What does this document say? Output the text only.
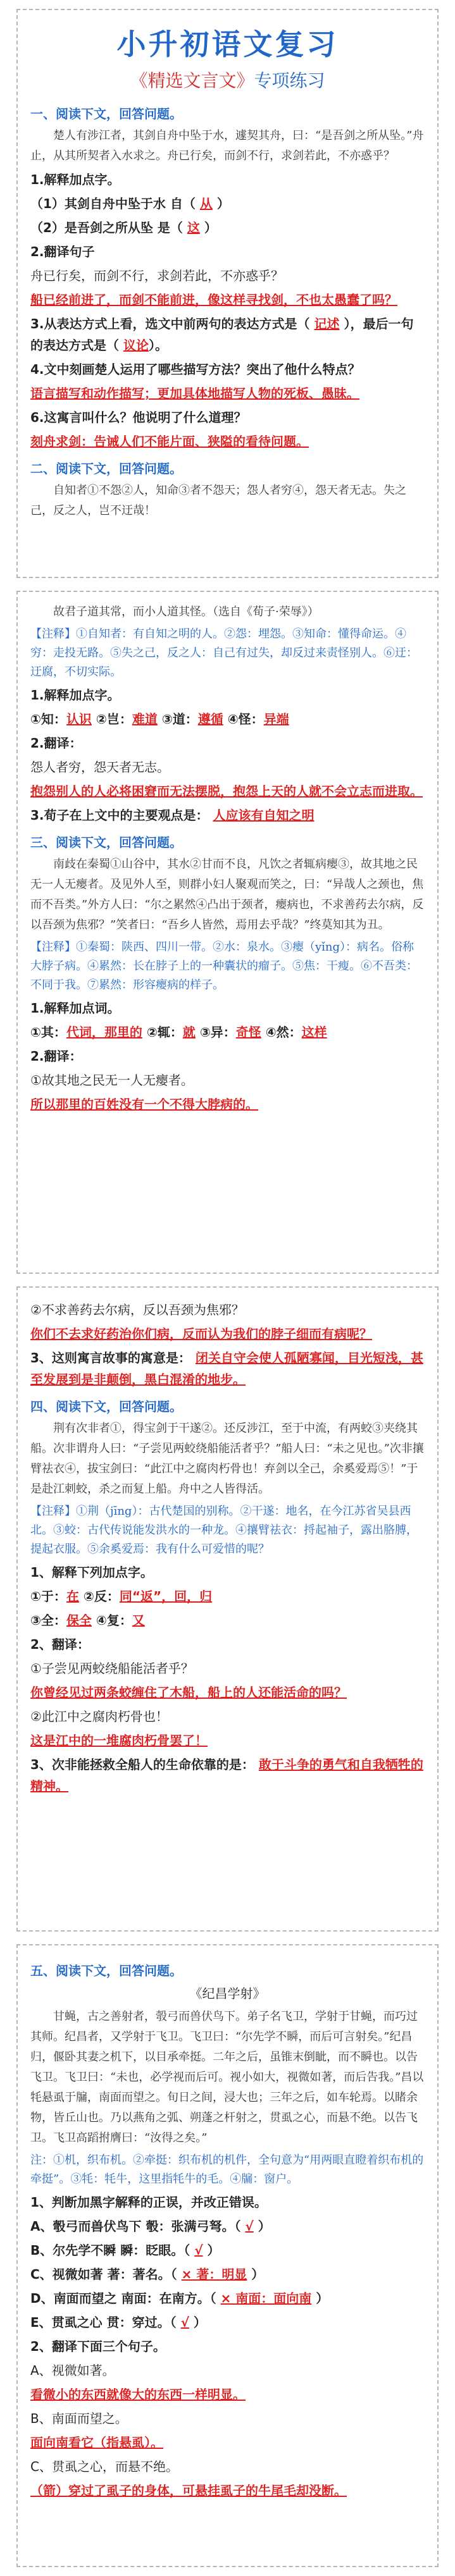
小升初语文复习
《精选文言文》专项练习
一、阅读下文，回答问题。
楚人有涉江者，其剑自舟中坠于水，遽契其舟，曰：“是吾剑之所从坠。”舟止，从其所契者入水求之。舟已行矣，而剑不行，求剑若此，不亦惑乎？
1.解释加点字。
（1）其剑自舟中坠于水 自（ 从 ）
（2）是吾剑之所从坠 是（ 这 ）
2.翻译句子
舟已行矣，而剑不行，求剑若此，不亦惑乎？
船已经前进了，而剑不能前进，像这样寻找剑，不也太愚蠢了吗？
3.从表达方式上看，选文中前两句的表达方式是（ 记述 ），最后一句的表达方式是（ 议论）。
4.文中刻画楚人运用了哪些描写方法？突出了他什么特点？
语言描写和动作描写；更加具体地描写人物的死板、愚昧。
6.这寓言叫什么？他说明了什么道理？
刻舟求剑：告诫人们不能片面、狭隘的看待问题。
二、阅读下文，回答问题。
自知者①不怨②人，知命③者不怨天；怨人者穷④，怨天者无志。失之己，反之人，岂不迂哉！
故君子道其常，而小人道其怪。（选自《荀子·荣辱》）
【注释】①自知者：有自知之明的人。②怨：埋怨。③知命：懂得命运。④穷：走投无路。⑤失之己，反之人：自己有过失，却反过来责怪别人。⑥迂：迂腐，不切实际。
1.解释加点字。
①知：认识 ②岂：难道 ③道：遵循 ④怪：异端
2.翻译：
怨人者穷，怨天者无志。
抱怨别人的人必将困窘而无法摆脱，抱怨上天的人就不会立志而进取。
3.荀子在上文中的主要观点是： 人应该有自知之明
三、阅读下文，回答问题。
南歧在秦蜀①山谷中，其水②甘而不良，凡饮之者辄病瘿③，故其地之民无一人无瘿者。及见外人至，则群小妇人聚观而笑之，曰：“异哉人之颈也，焦而不吾类。”外方人曰：“尔之累然④凸出于颈者，瘿病也，不求善药去尔病，反以吾颈为焦邪？”笑者曰：“吾乡人皆然，焉用去乎哉？”终莫知其为丑。
【注释】①秦蜀：陕西、四川一带。②水：泉水。③瘿（yǐng）：病名。俗称大脖子病。④累然：长在脖子上的一种囊状的瘤子。⑤焦：干瘦。⑥不吾类：不同于我。⑦累然：形容瘿病的样子。
1.解释加点词。
①其：代词，那里的 ②辄：就 ③异：奇怪 ④然：这样
2.翻译：
①故其地之民无一人无瘿者。
所以那里的百姓没有一个不得大脖病的。
②不求善药去尔病，反以吾颈为焦邪？
你们不去求好药治你们病，反而认为我们的脖子细而有病呢？
3、这则寓言故事的寓意是： 闭关自守会使人孤陋寡闻，目光短浅，甚至发展到是非颠倒，黑白混淆的地步。
四、阅读下文，回答问题。
荆有次非者①，得宝剑于干遂②。还反涉江，至于中流，有两蛟③夹绕其船。次非谓舟人曰：“子尝见两蛟绕船能活者乎？”船人曰：“未之见也。”次非攘臂祛衣④，拔宝剑曰：“此江中之腐肉朽骨也！弃剑以全己，余奚爱焉⑤！”于是赴江刺蛟，杀之而复上船。舟中之人皆得活。
【注释】①荆（jīng）：古代楚国的别称。②干遂：地名，在今江苏省吴县西北。③蛟：古代传说能发洪水的一种龙。④攘臂祛衣：捋起袖子，露出胳膊，提起衣服。⑤余奚爱焉：我有什么可爱惜的呢？
1、解释下列加点字。
①于：在 ②反：同“返”，回，归
③全：保全 ④复：又
2、翻译：
①子尝见两蛟绕船能活者乎？
你曾经见过两条蛟缠住了木船，船上的人还能活命的吗？
②此江中之腐肉朽骨也！
这是江中的一堆腐肉朽骨罢了！
3、次非能拯救全船人的生命依靠的是： 敢于斗争的勇气和自我牺牲的精神。
五、阅读下文，回答问题。
《纪昌学射》
甘蝇，古之善射者，彀弓而兽伏鸟下。弟子名飞卫，学射于甘蝇，而巧过其师。纪昌者，又学射于飞卫。飞卫曰：“尔先学不瞬，而后可言射矣。”纪昌归，偃卧其妻之机下，以目承牵挺。二年之后，虽锥末倒眦，而不瞬也。以告飞卫。飞卫曰：“未也，必学视而后可。视小如大，视微如著，而后告我。”昌以牦悬虱于牖，南面而望之。旬日之间，浸大也；三年之后，如车轮焉。以睹余物，皆丘山也。乃以燕角之弧、朔蓬之杆射之，贯虱之心，而悬不绝。以告飞卫。飞卫高蹈拊膺曰：“汝得之矣。”
注：①机，织布机。②牵挺：织布机的机件，全句意为“用两眼直瞪着织布机的牵挺”。③牦：牦牛，这里指牦牛的毛。④牖：窗户。
1、判断加黑字解释的正误，并改正错误。
A、彀弓而兽伏鸟下 彀：张满弓弩。（ √ ）
B、尔先学不瞬 瞬：眨眼。（ √ ）
C、视微如著 著：著名。（ × 著：明显 ）
D、南面而望之 南面：在南方。（ × 南面：面向南 ）
E、贯虱之心 贯：穿过。（ √ ）
2、翻译下面三个句子。
A、视微如著。
看微小的东西就像大的东西一样明显。
B、南面而望之。
面向南看它（指悬虱）。
C、贯虱之心，而悬不绝。
（箭）穿过了虱子的身体，可悬挂虱子的牛尾毛却没断。
